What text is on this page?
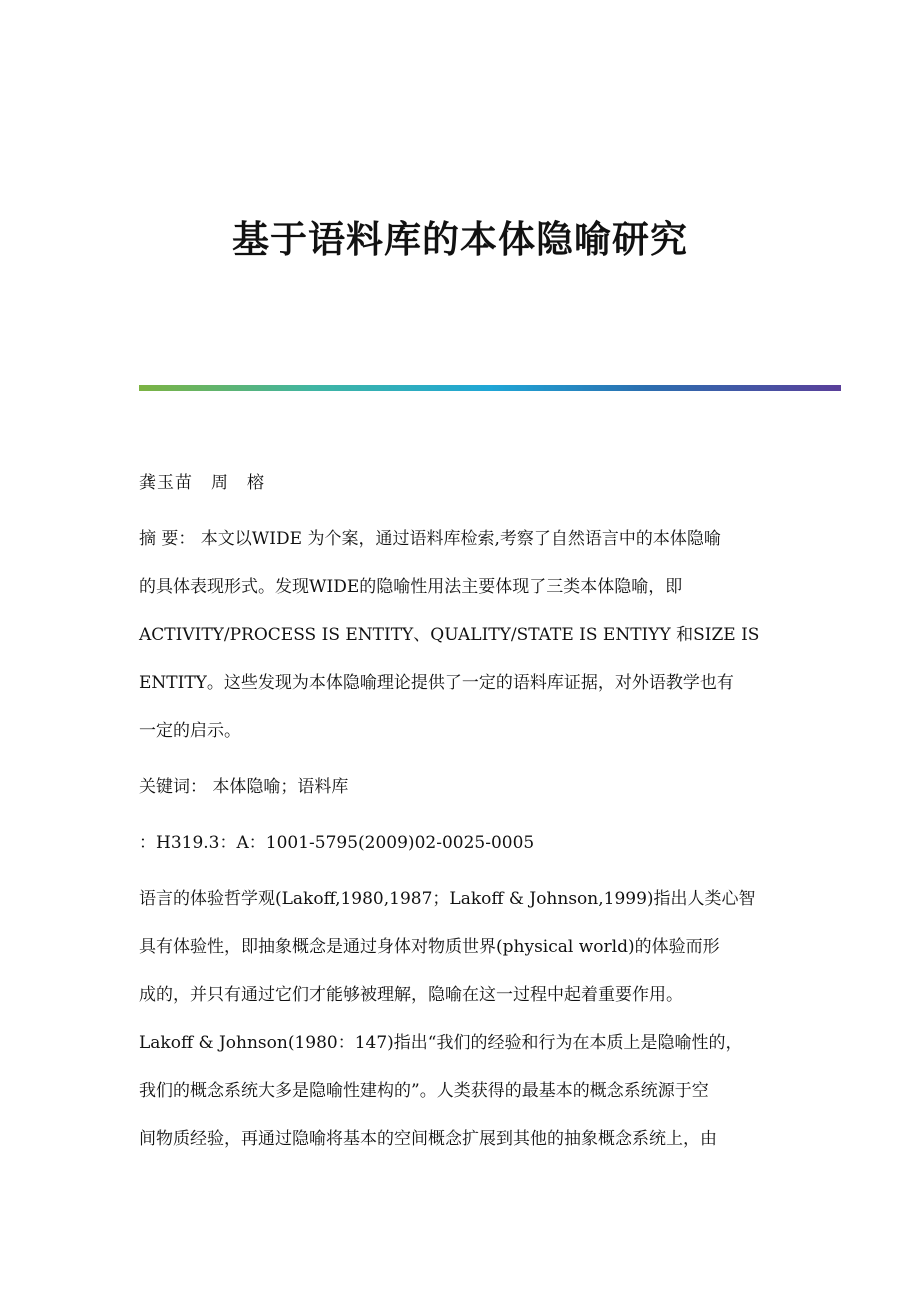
基于语料库的本体隐喻研究

龚玉苗　周　榕

摘 要： 本文以WIDE 为个案，通过语料库检索,考察了自然语言中的本体隐喻
的具体表现形式。发现WIDE的隐喻性用法主要体现了三类本体隐喻，即
ACTIVITY/PROCESS IS ENTITY、QUALITY/STATE IS ENTIYY 和SIZE IS
ENTITY。这些发现为本体隐喻理论提供了一定的语料库证据，对外语教学也有
一定的启示。

关键词： 本体隐喻；语料库

：H319.3：A：1001-5795(2009)02-0025-0005

语言的体验哲学观(Lakoff,1980,1987；Lakoff & Johnson,1999)指出人类心智
具有体验性，即抽象概念是通过身体对物质世界(physical world)的体验而形
成的，并只有通过它们才能够被理解，隐喻在这一过程中起着重要作用。
Lakoff & Johnson(1980：147)指出“我们的经验和行为在本质上是隐喻性的，
我们的概念系统大多是隐喻性建构的”。人类获得的最基本的概念系统源于空
间物质经验，再通过隐喻将基本的空间概念扩展到其他的抽象概念系统上，由
